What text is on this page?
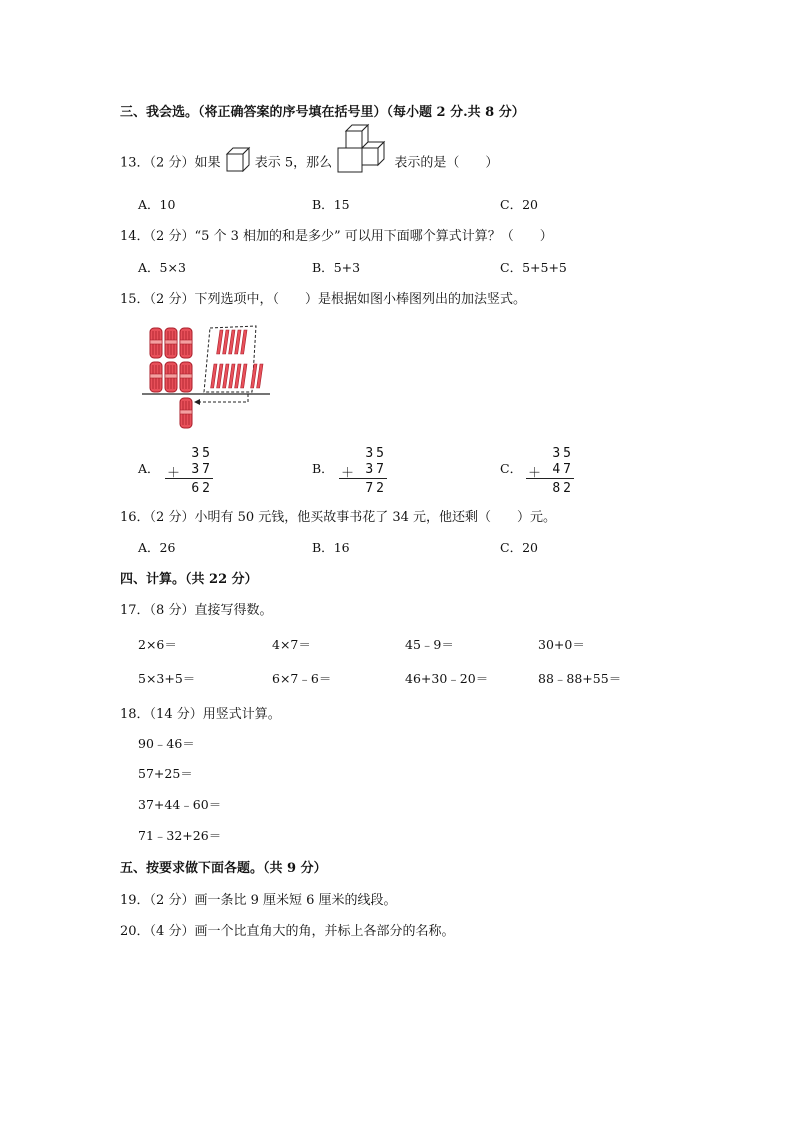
三、我会选。（将正确答案的序号填在括号里）（每小题 2 分.共 8 分）
13．（2 分）如果	表示 5，那么	表示的是（　　）
A．10	B．15	C．20
14．（2 分）“5 个 3 相加的和是多少” 可以用下面哪个算式计算？（　　）
A．5×3	B．5+3	C．5+5+5
15．（2 分）下列选项中，（　　）是根据如图小棒图列出的加法竖式。
A．
35
＋ 37
62
B．
35
＋ 37
72
C．
35
＋ 47
82
16．（2 分）小明有 50 元钱，他买故事书花了 34 元，他还剩（　　）元。
A．26	B．16	C．20
四、计算。（共 22 分）
17．（8 分）直接写得数。
2×6＝	4×7＝	45﹣9＝	30+0＝
5×3+5＝	6×7﹣6＝	46+30﹣20＝	88﹣88+55＝
18．（14 分）用竖式计算。
90﹣46＝
57+25＝
37+44﹣60＝
71﹣32+26＝
五、按要求做下面各题。（共 9 分）
19．（2 分）画一条比 9 厘米短 6 厘米的线段。
20．（4 分）画一个比直角大的角，并标上各部分的名称。
